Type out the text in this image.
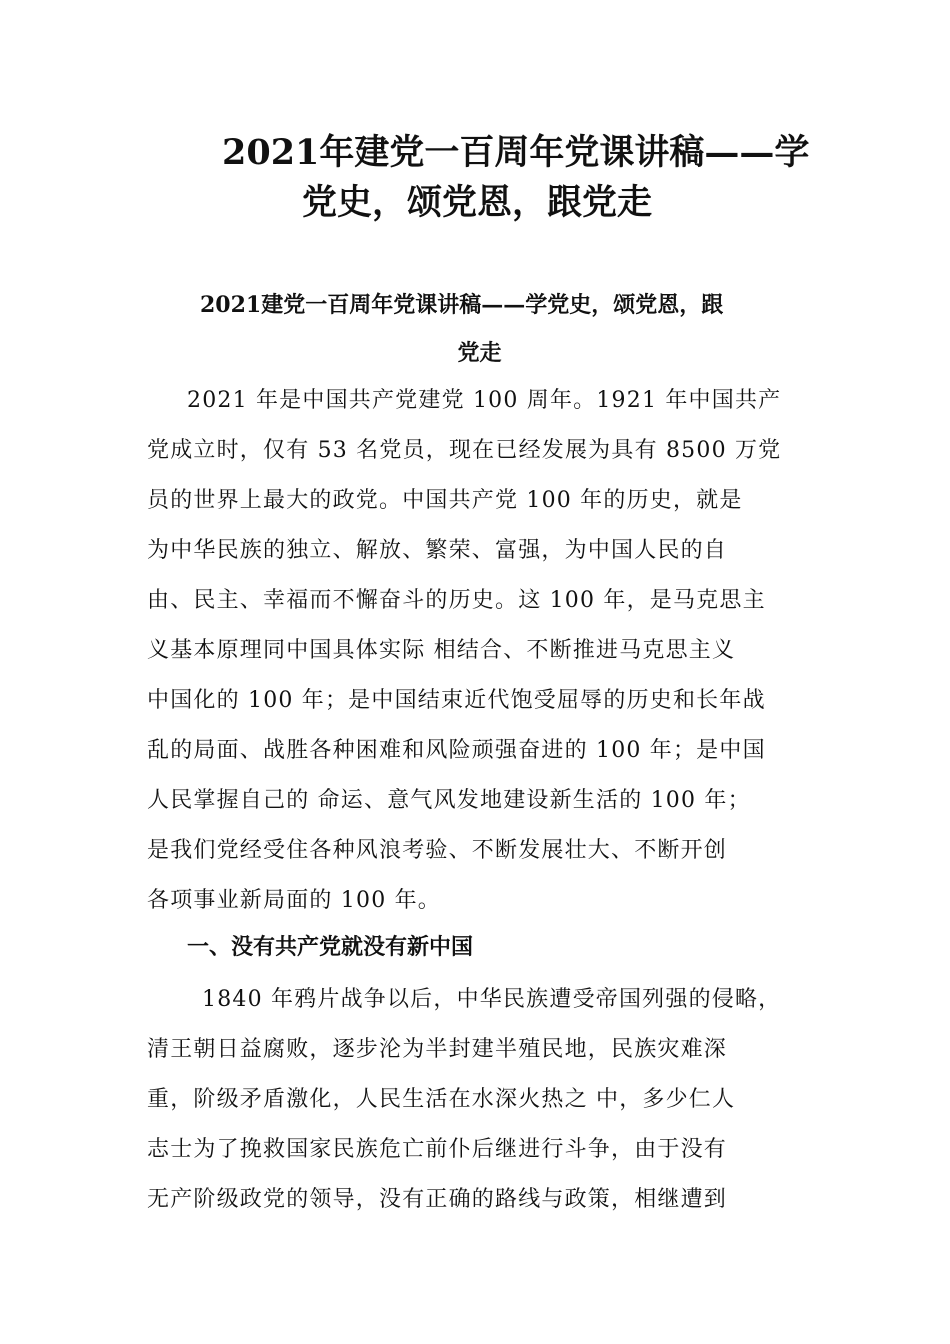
2021年建党一百周年党课讲稿——学
党史，颂党恩，跟党走
2021建党一百周年党课讲稿——学党史，颂党恩，跟
党走

2021 年是中国共产党建党 100 周年。1921 年中国共产
党成立时，仅有 53 名党员，现在已经发展为具有 8500 万党
员的世界上最大的政党。中国共产党 100 年的历史，就是
为中华民族的独立、解放、繁荣、富强，为中国人民的自
由、民主、幸福而不懈奋斗的历史。这 100 年，是马克思主
义基本原理同中国具体实际 相结合、不断推进马克思主义
中国化的 100 年；是中国结束近代饱受屈辱的历史和长年战
乱的局面、战胜各种困难和风险顽强奋进的 100 年；是中国
人民掌握自己的 命运、意气风发地建设新生活的 100 年；
是我们党经受住各种风浪考验、不断发展壮大、不断开创
各项事业新局面的 100 年。

一、没有共产党就没有新中国

1840 年鸦片战争以后，中华民族遭受帝国列强的侵略，
清王朝日益腐败，逐步沦为半封建半殖民地，民族灾难深
重，阶级矛盾激化，人民生活在水深火热之 中，多少仁人
志士为了挽救国家民族危亡前仆后继进行斗争，由于没有
无产阶级政党的领导，没有正确的路线与政策，相继遭到
